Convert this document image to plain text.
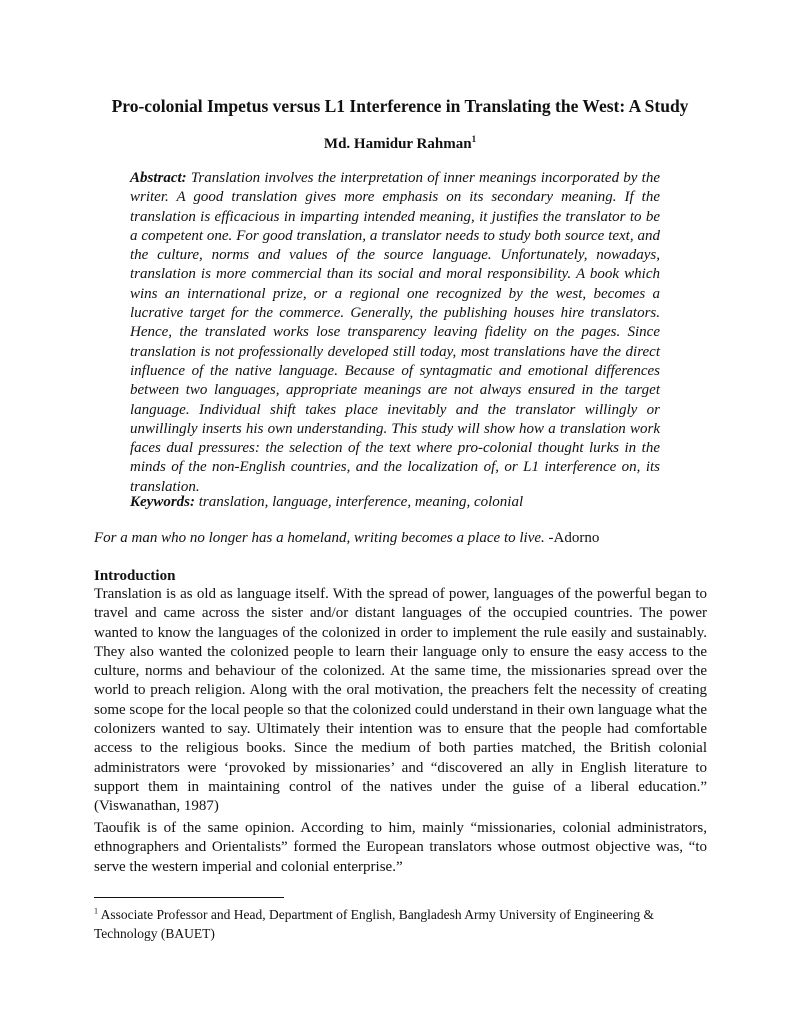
Pro-colonial Impetus versus L1 Interference in Translating the West: A Study
Md. Hamidur Rahman$^1$
Abstract: Translation involves the interpretation of inner meanings incorporated by the writer. A good translation gives more emphasis on its secondary meaning. If the translation is efficacious in imparting intended meaning, it justifies the translator to be a competent one. For good translation, a translator needs to study both source text, and the culture, norms and values of the source language. Unfortunately, nowadays, translation is more commercial than its social and moral responsibility. A book which wins an international prize, or a regional one recognized by the west, becomes a lucrative target for the commerce. Generally, the publishing houses hire translators. Hence, the translated works lose transparency leaving fidelity on the pages. Since translation is not professionally developed still today, most translations have the direct influence of the native language. Because of syntagmatic and emotional differences between two languages, appropriate meanings are not always ensured in the target language. Individual shift takes place inevitably and the translator willingly or unwillingly inserts his own understanding. This study will show how a translation work faces dual pressures: the selection of the text where pro-colonial thought lurks in the minds of the non-English countries, and the localization of, or L1 interference on, its translation.
Keywords: translation, language, interference, meaning, colonial
For a man who no longer has a homeland, writing becomes a place to live. -Adorno
Introduction
Translation is as old as language itself. With the spread of power, languages of the powerful began to travel and came across the sister and/or distant languages of the occupied countries. The power wanted to know the languages of the colonized in order to implement the rule easily and sustainably. They also wanted the colonized people to learn their language only to ensure the easy access to the culture, norms and behaviour of the colonized. At the same time, the missionaries spread over the world to preach religion. Along with the oral motivation, the preachers felt the necessity of creating some scope for the local people so that the colonized could understand in their own language what the colonizers wanted to say. Ultimately their intention was to ensure that the people had comfortable access to the religious books. Since the medium of both parties matched, the British colonial administrators were ‘provoked by missionaries’ and “discovered an ally in English literature to support them in maintaining control of the natives under the guise of a liberal education.” (Viswanathan, 1987)
Taoufik is of the same opinion. According to him, mainly “missionaries, colonial administrators, ethnographers and Orientalists” formed the European translators whose outmost objective was, “to serve the western imperial and colonial enterprise.”
$^1$ Associate Professor and Head, Department of English, Bangladesh Army University of Engineering & Technology (BAUET)
